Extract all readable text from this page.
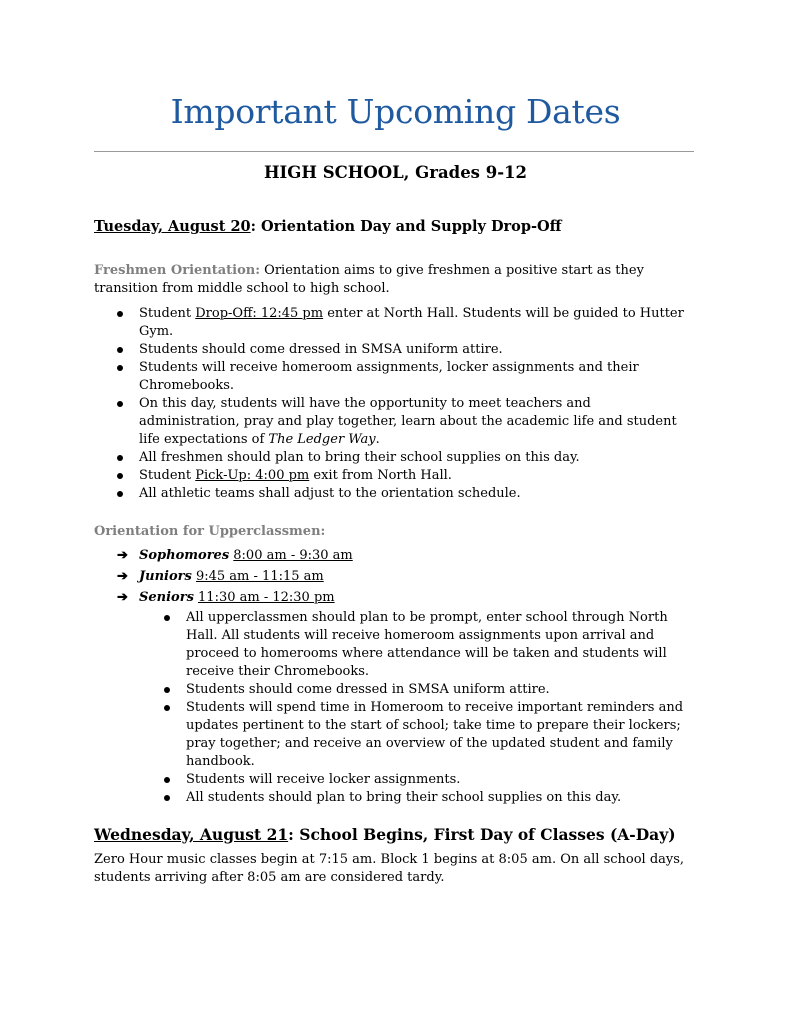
Important Upcoming Dates
HIGH SCHOOL, Grades 9-12
Tuesday, August 20: Orientation Day and Supply Drop-Off
Freshmen Orientation: Orientation aims to give freshmen a positive start as they transition from middle school to high school.
Student Drop-Off: 12:45 pm enter at North Hall. Students will be guided to Hutter Gym.
Students should come dressed in SMSA uniform attire.
Students will receive homeroom assignments, locker assignments and their Chromebooks.
On this day, students will have the opportunity to meet teachers and administration, pray and play together, learn about the academic life and student life expectations of The Ledger Way.
All freshmen should plan to bring their school supplies on this day.
Student Pick-Up: 4:00 pm exit from North Hall.
All athletic teams shall adjust to the orientation schedule.
Orientation for Upperclassmen:
➔ Sophomores 8:00 am - 9:30 am
➔ Juniors 9:45 am - 11:15 am
➔ Seniors 11:30 am - 12:30 pm
All upperclassmen should plan to be prompt, enter school through North Hall. All students will receive homeroom assignments upon arrival and proceed to homerooms where attendance will be taken and students will receive their Chromebooks.
Students should come dressed in SMSA uniform attire.
Students will spend time in Homeroom to receive important reminders and updates pertinent to the start of school; take time to prepare their lockers; pray together; and receive an overview of the updated student and family handbook.
Students will receive locker assignments.
All students should plan to bring their school supplies on this day.
Wednesday, August 21: School Begins, First Day of Classes (A-Day)
Zero Hour music classes begin at 7:15 am. Block 1 begins at 8:05 am. On all school days, students arriving after 8:05 am are considered tardy.
